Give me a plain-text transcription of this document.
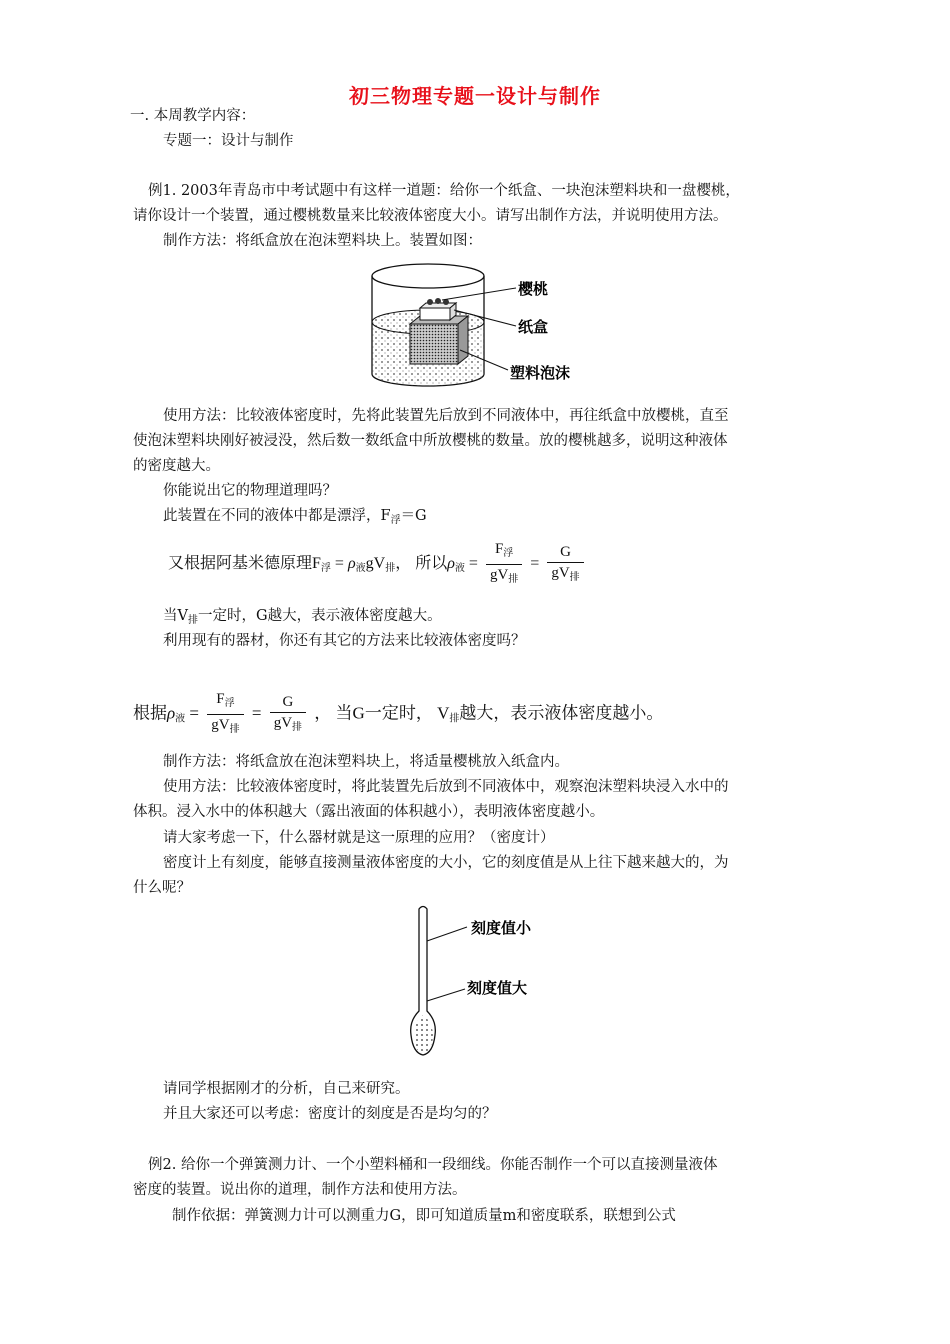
初三物理专题一设计与制作
一. 本周教学内容：
专题一：设计与制作
例1. 2003年青岛市中考试题中有这样一道题：给你一个纸盒、一块泡沫塑料块和一盘樱桃，
请你设计一个装置，通过樱桃数量来比较液体密度大小。请写出制作方法，并说明使用方法。
制作方法：将纸盒放在泡沫塑料块上。装置如图：
樱桃
纸盒
塑料泡沫
使用方法：比较液体密度时，先将此装置先后放到不同液体中，再往纸盒中放樱桃，直至
使泡沫塑料块刚好被浸没，然后数一数纸盒中所放樱桃的数量。放的樱桃越多，说明这种液体
的密度越大。
你能说出它的物理道理吗？
此装置在不同的液体中都是漂浮，$F_浮=G$
又根据阿基米德原理$F_浮 = \rho_液gV_排$， 所以$\rho_液 = \frac{F_浮}{gV_排} = \frac{G}{gV_排}$
当$V_排$一定时，G越大，表示液体密度越大。
利用现有的器材，你还有其它的方法来比较液体密度吗？
根据$\rho_液 = \frac{F_浮}{gV_排} = \frac{G}{gV_排}$ ， 当G一定时， $V_排$越大，表示液体密度越小。
制作方法：将纸盒放在泡沫塑料块上，将适量樱桃放入纸盒内。
使用方法：比较液体密度时，将此装置先后放到不同液体中，观察泡沫塑料块浸入水中的
体积。浸入水中的体积越大（露出液面的体积越小），表明液体密度越小。
请大家考虑一下，什么器材就是这一原理的应用？（密度计）
密度计上有刻度，能够直接测量液体密度的大小，它的刻度值是从上往下越来越大的，为
什么呢？
刻度值小
刻度值大
请同学根据刚才的分析，自己来研究。
并且大家还可以考虑：密度计的刻度是否是均匀的？
例2. 给你一个弹簧测力计、一个小塑料桶和一段细线。你能否制作一个可以直接测量液体
密度的装置。说出你的道理，制作方法和使用方法。
制作依据：弹簧测力计可以测重力G，即可知道质量m和密度联系，联想到公式
